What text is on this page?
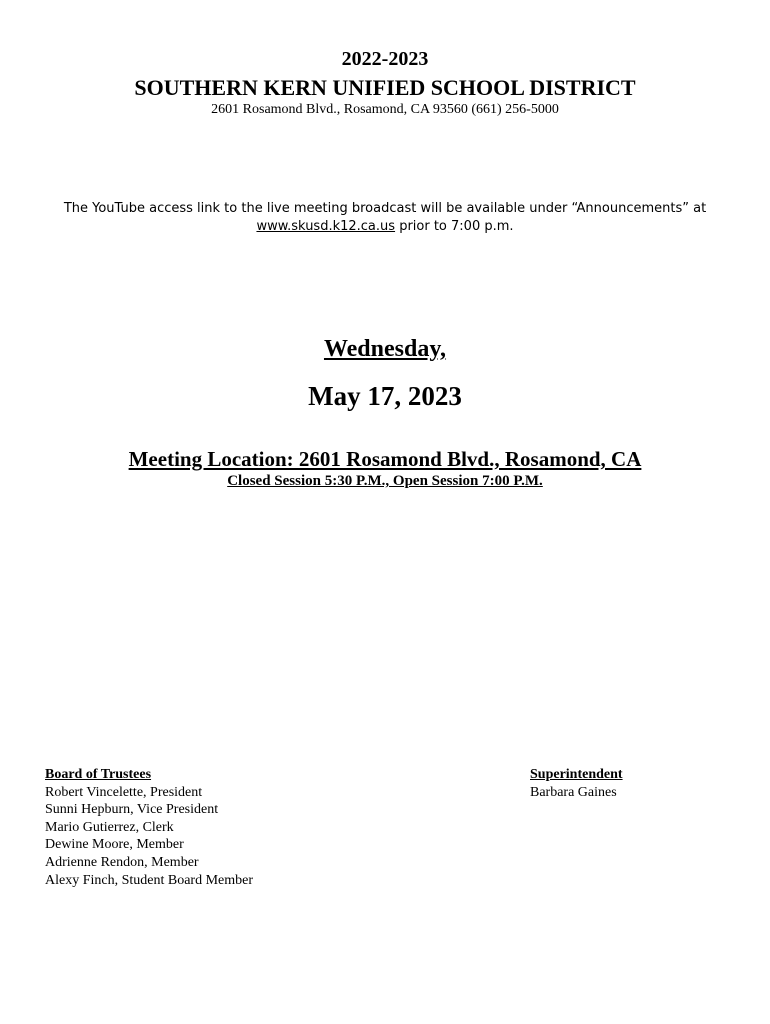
2022-2023
SOUTHERN KERN UNIFIED SCHOOL DISTRICT
2601 Rosamond Blvd., Rosamond, CA 93560 (661) 256-5000
The YouTube access link to the live meeting broadcast will be available under “Announcements” at
www.skusd.k12.ca.us prior to 7:00 p.m.
Wednesday,
May 17, 2023
Meeting Location: 2601 Rosamond Blvd., Rosamond, CA
Closed Session 5:30 P.M., Open Session 7:00 P.M.
Board of Trustees
Robert Vincelette, President
Sunni Hepburn, Vice President
Mario Gutierrez, Clerk
Dewine Moore, Member
Adrienne Rendon, Member
Alexy Finch, Student Board Member
Superintendent
Barbara Gaines
